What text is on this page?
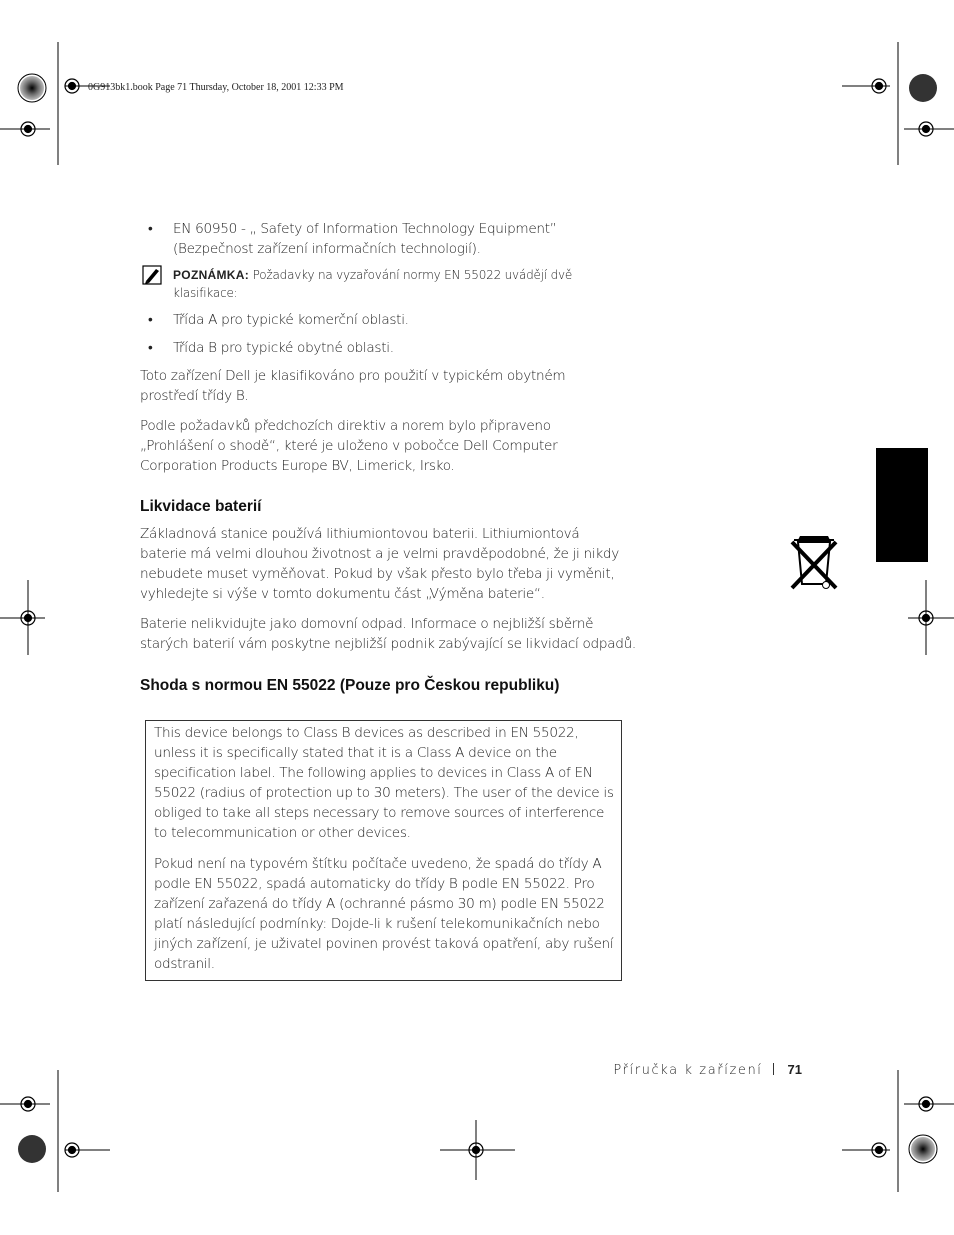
0G913bk1.book Page 71 Thursday, October 18, 2001 12:33 PM
• EN 60950 - „ Safety of Information Technology Equipment”
(Bezpečnost zařízení informačních technologií).
POZNÁMKA: Požadavky na vyzařování normy EN 55022 uvádějí dvě klasifikace:
• Třída A pro typické komerční oblasti.
• Třída B pro typické obytné oblasti.
Toto zařízení Dell je klasifikováno pro použití v typickém obytném prostředí třídy B.
Podle požadavků předchozích direktiv a norem bylo připraveno „Prohlášení o shodě“, které je uloženo v pobočce Dell Computer Corporation Products Europe BV, Limerick, Irsko.
Likvidace baterií
Základnová stanice používá lithiumiontovou baterii. Lithiumiontová baterie má velmi dlouhou životnost a je velmi pravděpodobné, že ji nikdy nebudete muset vyměňovat. Pokud by však přesto bylo třeba ji vyměnit, vyhledejte si výše v tomto dokumentu část „Výměna baterie“.
Baterie nelikvidujte jako domovní odpad. Informace o nejbližší sběrně starých baterií vám poskytne nejbližší podnik zabývající se likvidací odpadů.
Shoda s normou EN 55022 (Pouze pro Českou republiku)
This device belongs to Class B devices as described in EN 55022, unless it is specifically stated that it is a Class A device on the specification label. The following applies to devices in Class A of EN 55022 (radius of protection up to 30 meters). The user of the device is obliged to take all steps necessary to remove sources of interference to telecommunication or other devices.
Pokud není na typovém štítku počítače uvedeno, že spadá do třídy A podle EN 55022, spadá automaticky do třídy B podle EN 55022. Pro zařízení zařazená do třídy A (ochranné pásmo 30 m) podle EN 55022 platí následující podmínky: Dojde-li k rušení telekomunikačních nebo jiných zařízení, je uživatel povinen provést taková opatření, aby rušení odstranil.
Příručka k zařízení 71
